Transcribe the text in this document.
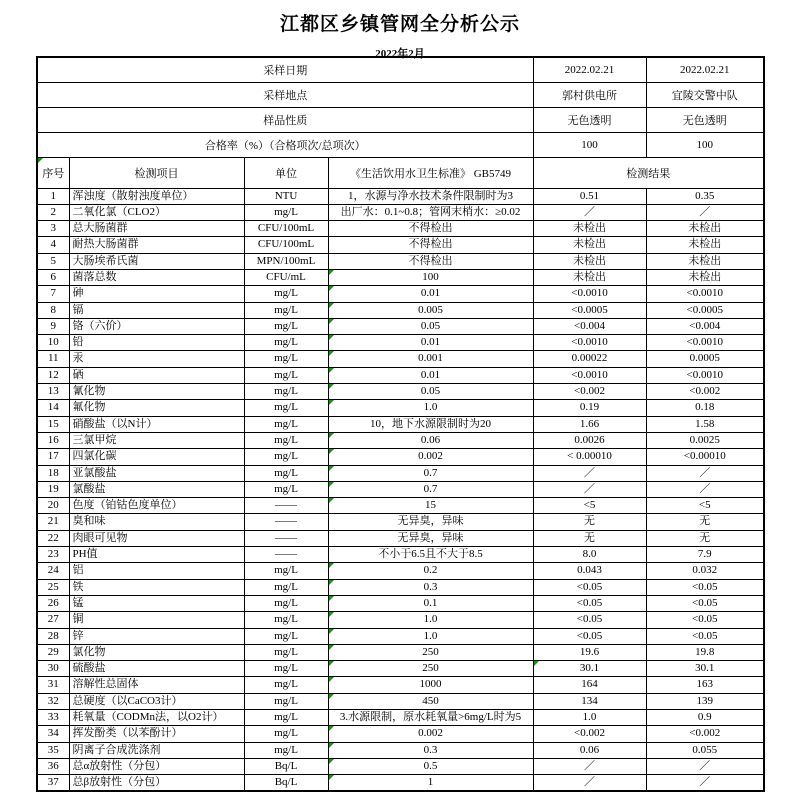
江都区乡镇管网全分析公示
2022年2月
采样日期				2022.02.21	2022.02.21
采样地点				郭村供电所	宜陵交警中队
样品性质				无色透明	无色透明
合格率（%）（合格项次/总项次）				100	100
序号	检测项目	单位	《生活饮用水卫生标准》 GB5749	检测结果	
1	浑浊度（散射浊度单位）	NTU	1，水源与净水技术条件限制时为3	0.51	0.35
2	二氧化氯（CLO2）	mg/L	出厂水：0.1~0.8；管网末梢水：≥0.02	／	／
3	总大肠菌群	CFU/100mL	不得检出	未检出	未检出
4	耐热大肠菌群	CFU/100mL	不得检出	未检出	未检出
5	大肠埃希氏菌	MPN/100mL	不得检出	未检出	未检出
6	菌落总数	CFU/mL	100	未检出	未检出
7	砷	mg/L	0.01	<0.0010	<0.0010
8	镉	mg/L	0.005	<0.0005	<0.0005
9	铬（六价）	mg/L	0.05	<0.004	<0.004
10	铅	mg/L	0.01	<0.0010	<0.0010
11	汞	mg/L	0.001	0.00022	0.0005
12	硒	mg/L	0.01	<0.0010	<0.0010
13	氰化物	mg/L	0.05	<0.002	<0.002
14	氟化物	mg/L	1.0	0.19	0.18
15	硝酸盐（以N计）	mg/L	10，地下水源限制时为20	1.66	1.58
16	三氯甲烷	mg/L	0.06	0.0026	0.0025
17	四氯化碳	mg/L	0.002	< 0.00010	<0.00010
18	亚氯酸盐	mg/L	0.7	／	／
19	氯酸盐	mg/L	0.7	／	／
20	色度（铂钴色度单位）	——	15	<5	<5
21	臭和味	——	无异臭，异味	无	无
22	肉眼可见物	——	无异臭，异味	无	无
23	PH值	——	不小于6.5且不大于8.5	8.0	7.9
24	铝	mg/L	0.2	0.043	0.032
25	铁	mg/L	0.3	<0.05	<0.05
26	锰	mg/L	0.1	<0.05	<0.05
27	铜	mg/L	1.0	<0.05	<0.05
28	锌	mg/L	1.0	<0.05	<0.05
29	氯化物	mg/L	250	19.6	19.8
30	硫酸盐	mg/L	250	30.1	30.1
31	溶解性总固体	mg/L	1000	164	163
32	总硬度（以CaCO3计）	mg/L	450	134	139
33	耗氧量（CODMn法，以O2计）	mg/L	3.水源限制，原水耗氧量>6mg/L时为5	1.0	0.9
34	挥发酚类（以苯酚计）	mg/L	0.002	<0.002	<0.002
35	阴离子合成洗涤剂	mg/L	0.3	0.06	0.055
36	总α放射性（分包）	Bq/L	0.5	／	／
37	总β放射性（分包）	Bq/L	1	／	／
